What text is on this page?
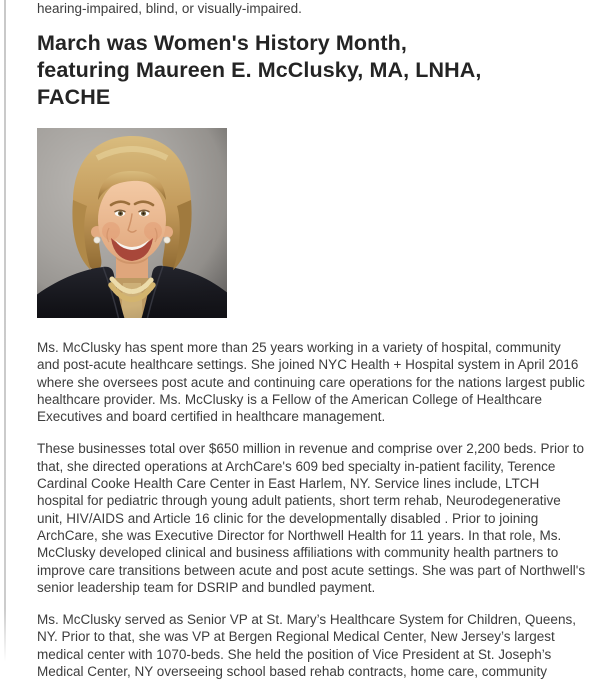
hearing-impaired, blind, or visually-impaired.
March was Women's History Month,
featuring Maureen E. McClusky, MA, LNHA,
FACHE
Ms. McClusky has spent more than 25 years working in a variety of hospital, community
and post-acute healthcare settings. She joined NYC Health + Hospital system in April 2016
where she oversees post acute and continuing care operations for the nations largest public
healthcare provider. Ms. McClusky is a Fellow of the American College of Healthcare
Executives and board certified in healthcare management.
These businesses total over $650 million in revenue and comprise over 2,200 beds. Prior to
that, she directed operations at ArchCare's 609 bed specialty in-patient facility, Terence
Cardinal Cooke Health Care Center in East Harlem, NY. Service lines include, LTCH
hospital for pediatric through young adult patients, short term rehab, Neurodegenerative
unit, HIV/AIDS and Article 16 clinic for the developmentally disabled . Prior to joining
ArchCare, she was Executive Director for Northwell Health for 11 years. In that role, Ms.
McClusky developed clinical and business affiliations with community health partners to
improve care transitions between acute and post acute settings. She was part of Northwell's
senior leadership team for DSRIP and bundled payment.
Ms. McClusky served as Senior VP at St. Mary’s Healthcare System for Children, Queens,
NY. Prior to that, she was VP at Bergen Regional Medical Center, New Jersey’s largest
medical center with 1070-beds. She held the position of Vice President at St. Joseph’s
Medical Center, NY overseeing school based rehab contracts, home care, community
